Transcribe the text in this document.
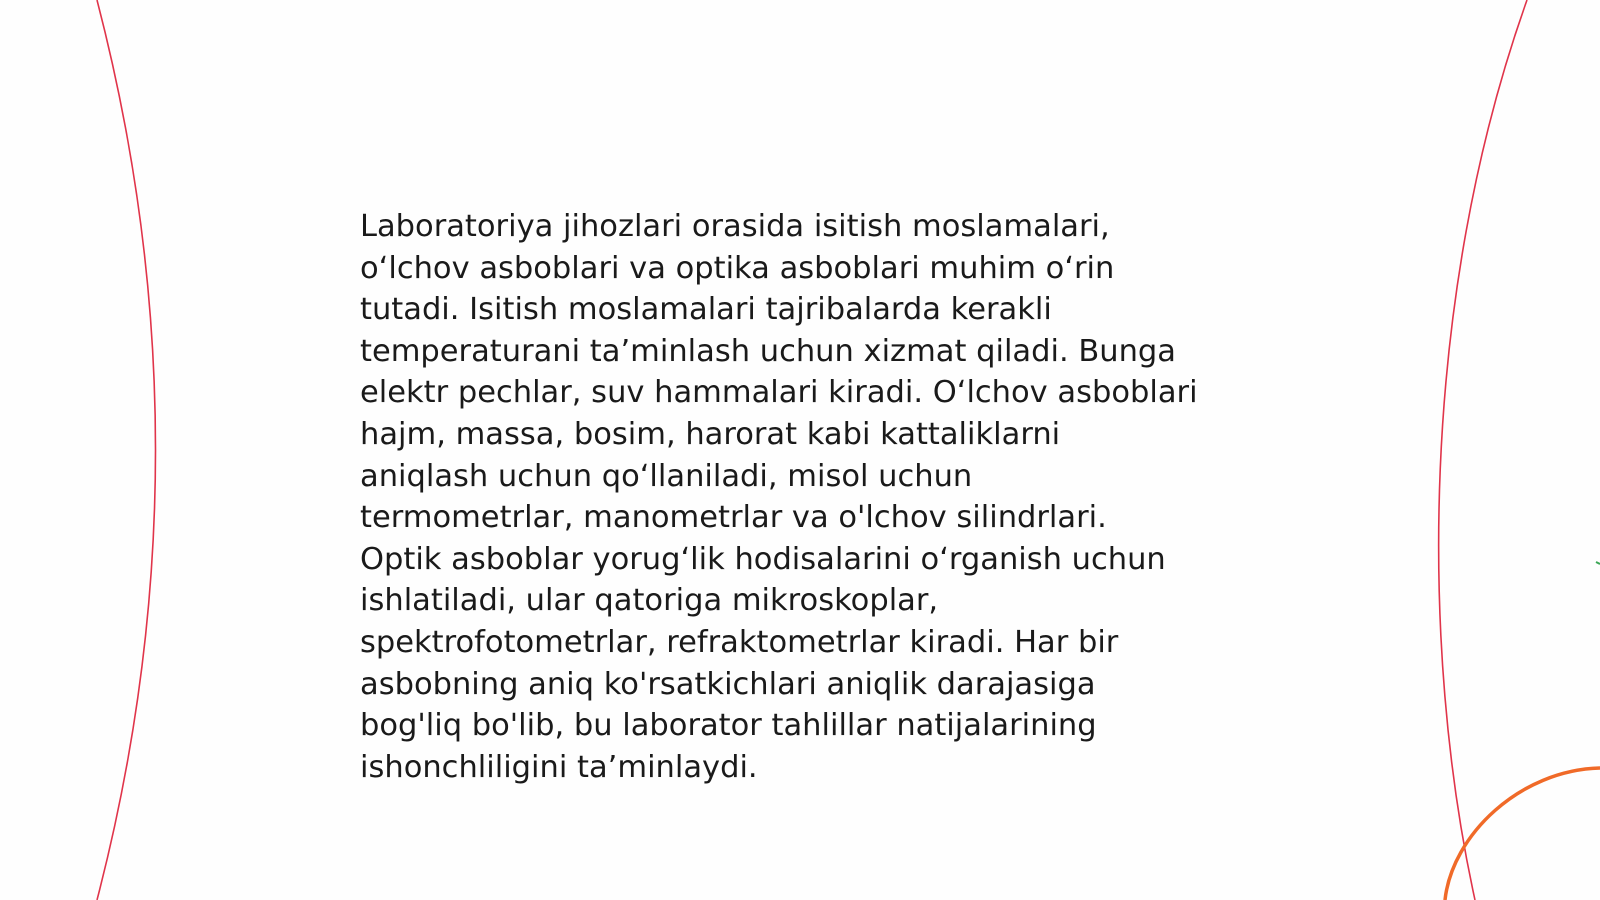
Laboratoriya jihozlari orasida isitish moslamalari,
o‘lchov asboblari va optika asboblari muhim o‘rin
tutadi. Isitish moslamalari tajribalarda kerakli
temperaturani ta’minlash uchun xizmat qiladi. Bunga
elektr pechlar, suv hammalari kiradi. O‘lchov asboblari
hajm, massa, bosim, harorat kabi kattaliklarni
aniqlash uchun qo‘llaniladi, misol uchun
termometrlar, manometrlar va o'lchov silindrlari.
Optik asboblar yorug‘lik hodisalarini o‘rganish uchun
ishlatiladi, ular qatoriga mikroskoplar,
spektrofotometrlar, refraktometrlar kiradi. Har bir
asbobning aniq ko'rsatkichlari aniqlik darajasiga
bog'liq bo'lib, bu laborator tahlillar natijalarining
ishonchliligini ta’minlaydi.
